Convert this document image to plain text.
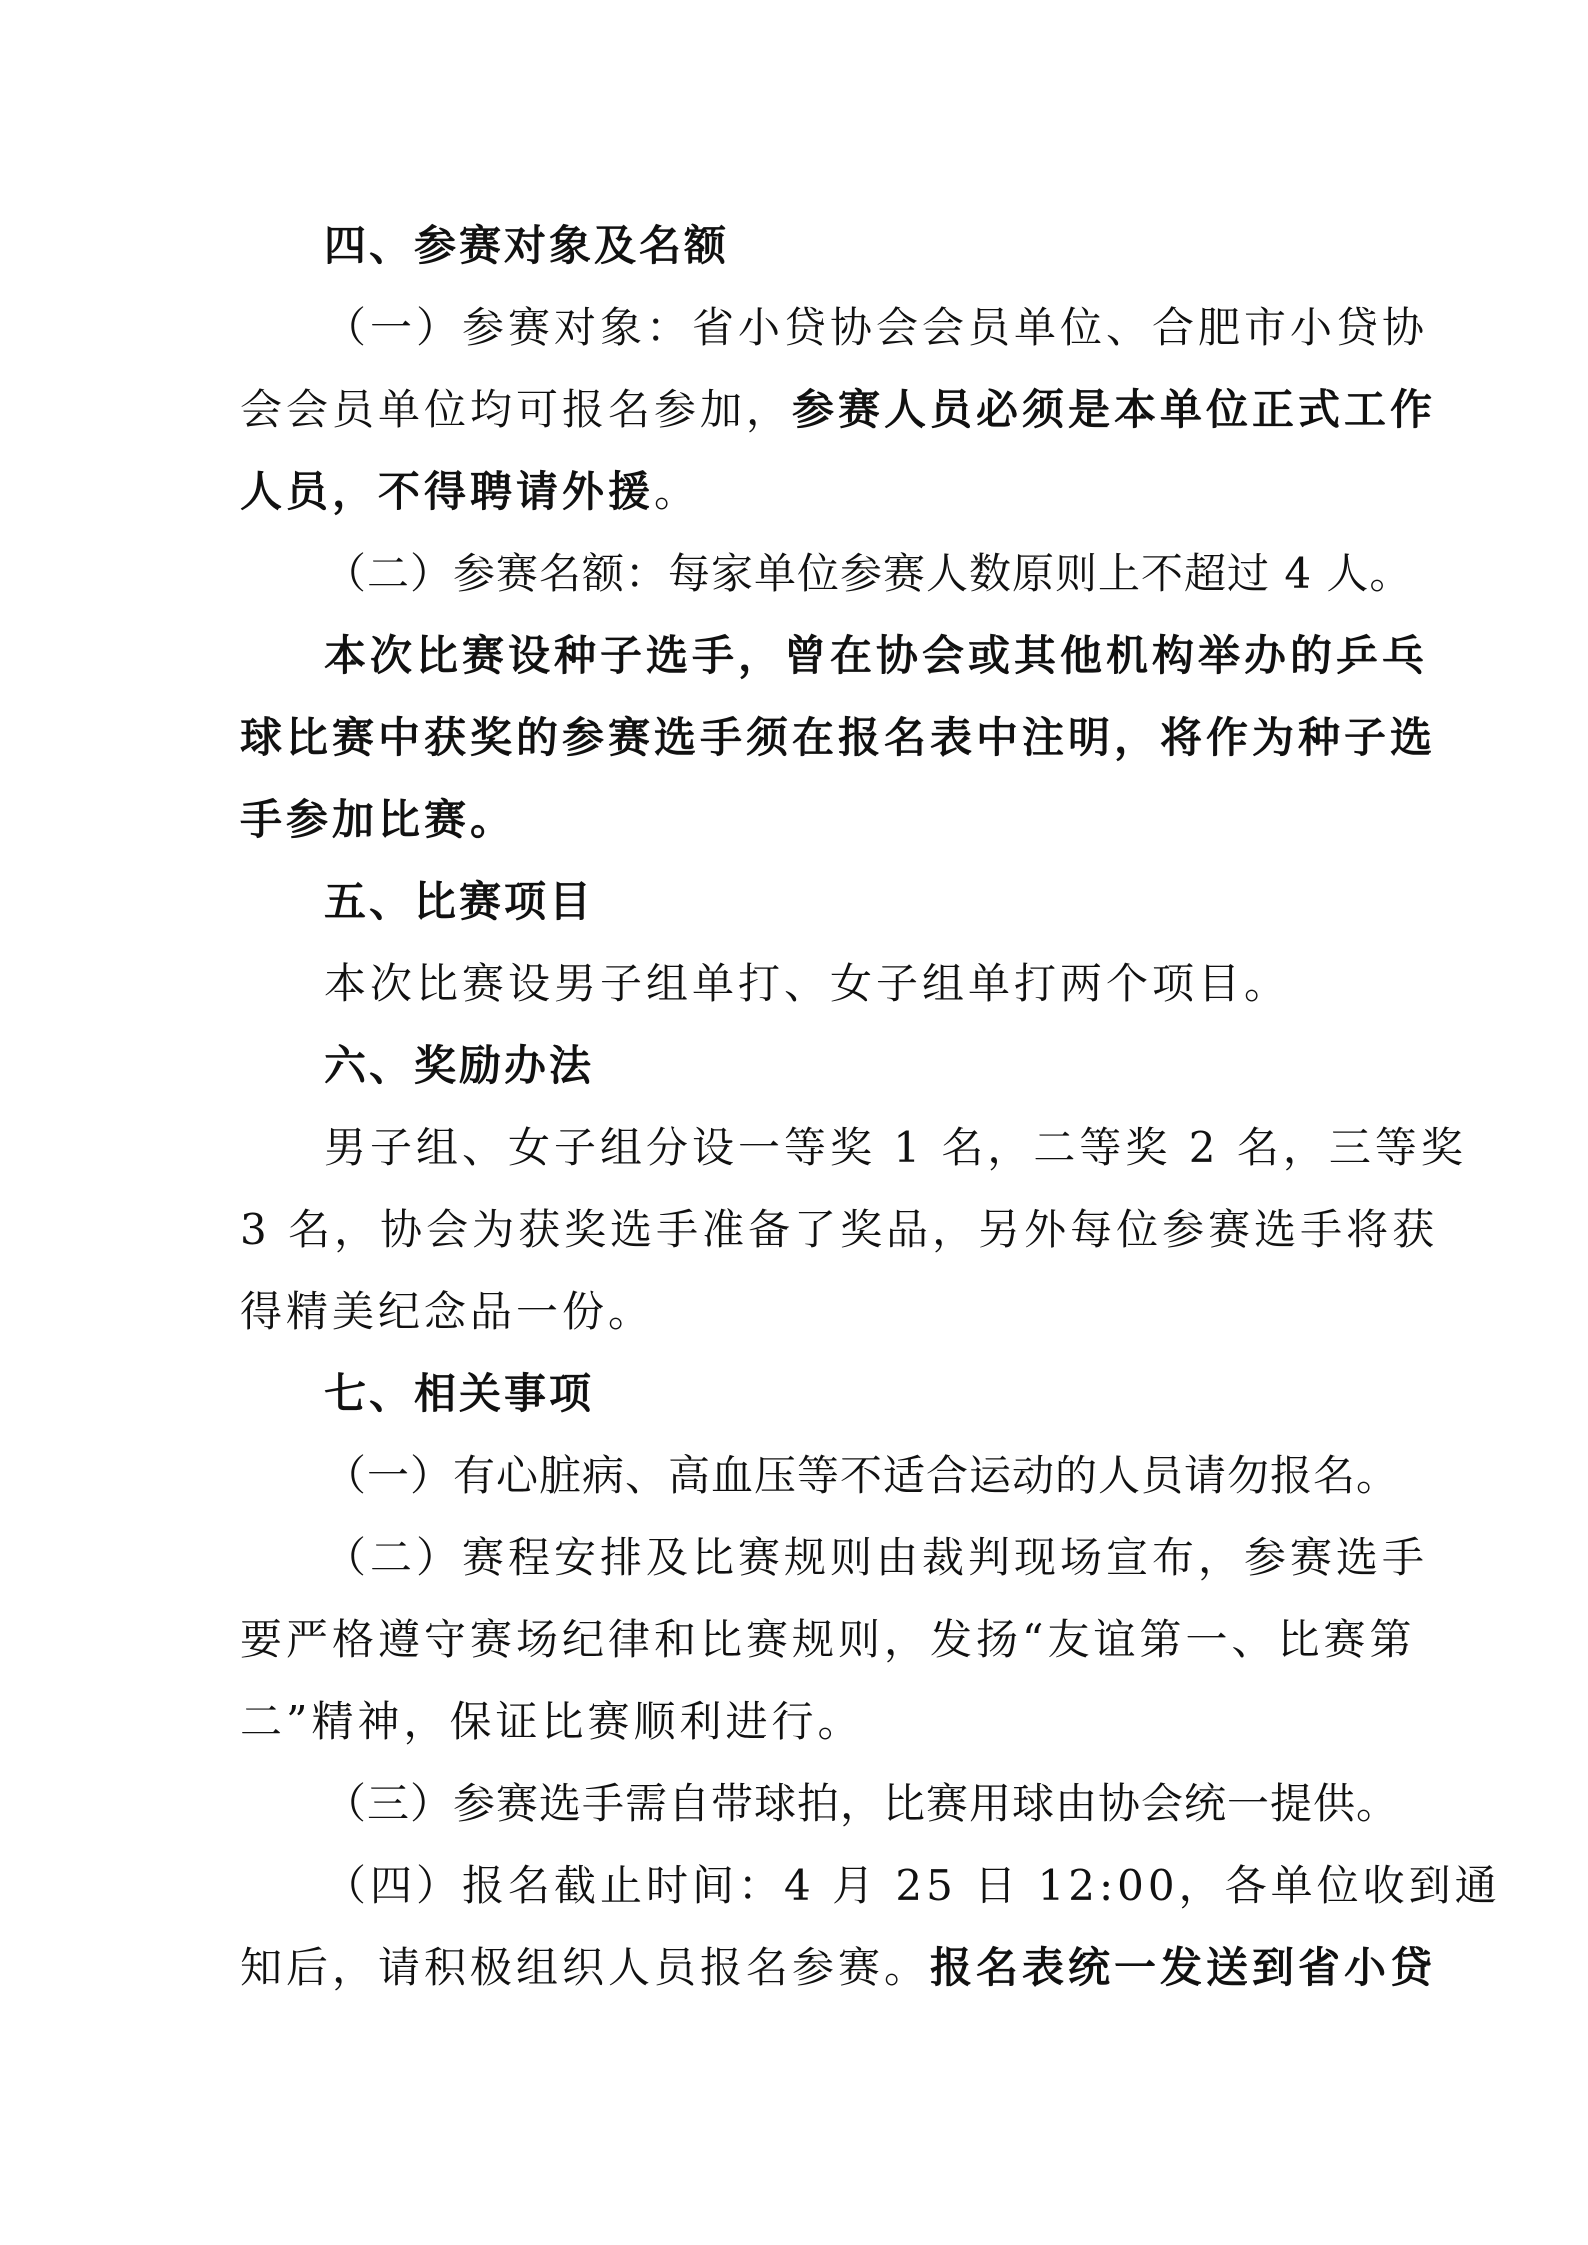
四、参赛对象及名额
（一）参赛对象：省小贷协会会员单位、合肥市小贷协
会会员单位均可报名参加，参赛人员必须是本单位正式工作
人员，不得聘请外援。
（二）参赛名额：每家单位参赛人数原则上不超过 4 人。
本次比赛设种子选手，曾在协会或其他机构举办的乒乓
球比赛中获奖的参赛选手须在报名表中注明，将作为种子选
手参加比赛。
五、比赛项目
本次比赛设男子组单打、女子组单打两个项目。
六、奖励办法
男子组、女子组分设一等奖 1 名，二等奖 2 名，三等奖
3 名，协会为获奖选手准备了奖品，另外每位参赛选手将获
得精美纪念品一份。
七、相关事项
（一）有心脏病、高血压等不适合运动的人员请勿报名。
（二）赛程安排及比赛规则由裁判现场宣布，参赛选手
要严格遵守赛场纪律和比赛规则，发扬“友谊第一、比赛第
二”精神，保证比赛顺利进行。
（三）参赛选手需自带球拍，比赛用球由协会统一提供。
（四）报名截止时间：4 月 25 日 12:00，各单位收到通
知后，请积极组织人员报名参赛。报名表统一发送到省小贷
